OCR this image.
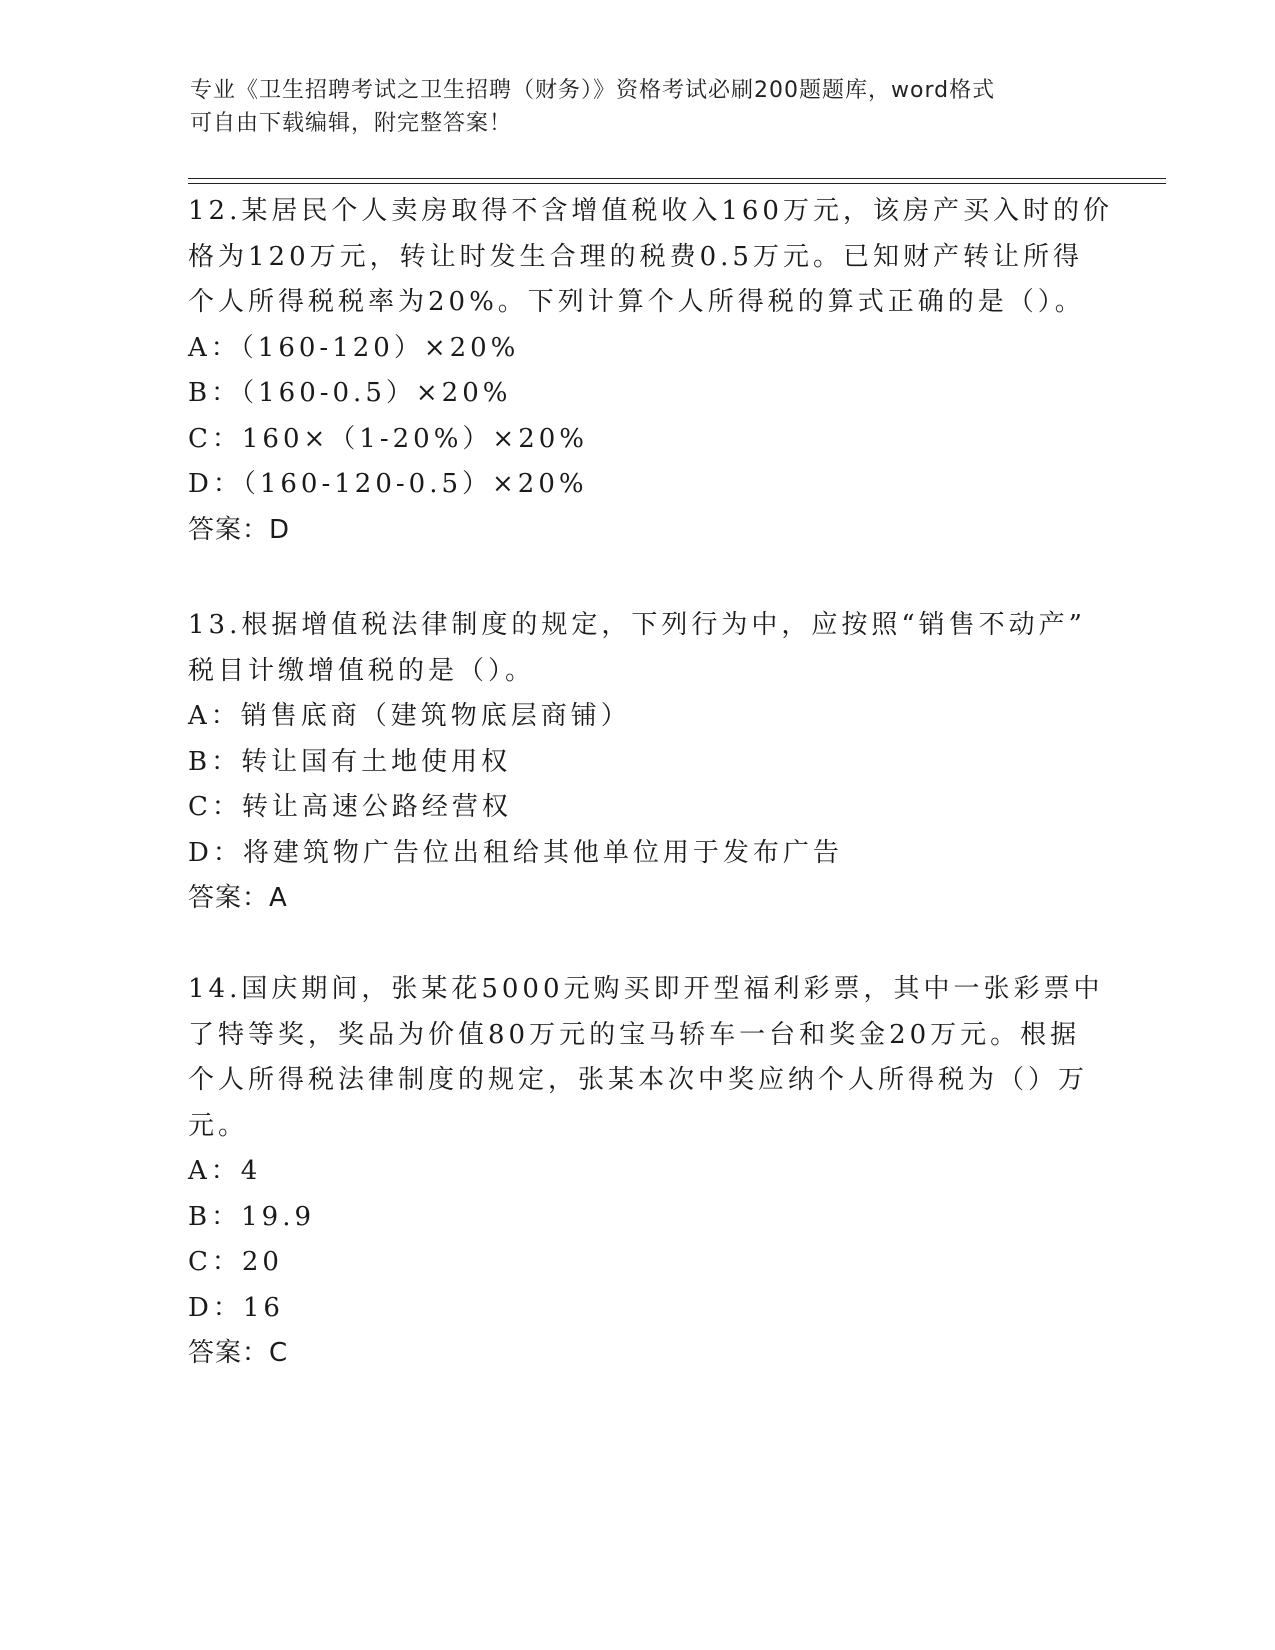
专业《卫生招聘考试之卫生招聘（财务）》资格考试必刷200题题库，word格式
可自由下载编辑，附完整答案！
12.某居民个人卖房取得不含增值税收入160万元，该房产买入时的价
格为120万元，转让时发生合理的税费0.5万元。已知财产转让所得
个人所得税税率为20%。下列计算个人所得税的算式正确的是（）。
A：（160-120）×20%
B：（160-0.5）×20%
C：160×（1-20%）×20%
D：（160-120-0.5）×20%
答案：D
13.根据增值税法律制度的规定，下列行为中，应按照“销售不动产”
税目计缴增值税的是（）。
A：销售底商（建筑物底层商铺）
B：转让国有土地使用权
C：转让高速公路经营权
D：将建筑物广告位出租给其他单位用于发布广告
答案：A
14.国庆期间，张某花5000元购买即开型福利彩票，其中一张彩票中
了特等奖，奖品为价值80万元的宝马轿车一台和奖金20万元。根据
个人所得税法律制度的规定，张某本次中奖应纳个人所得税为（）万
元。
A：4
B：19.9
C：20
D：16
答案：C
